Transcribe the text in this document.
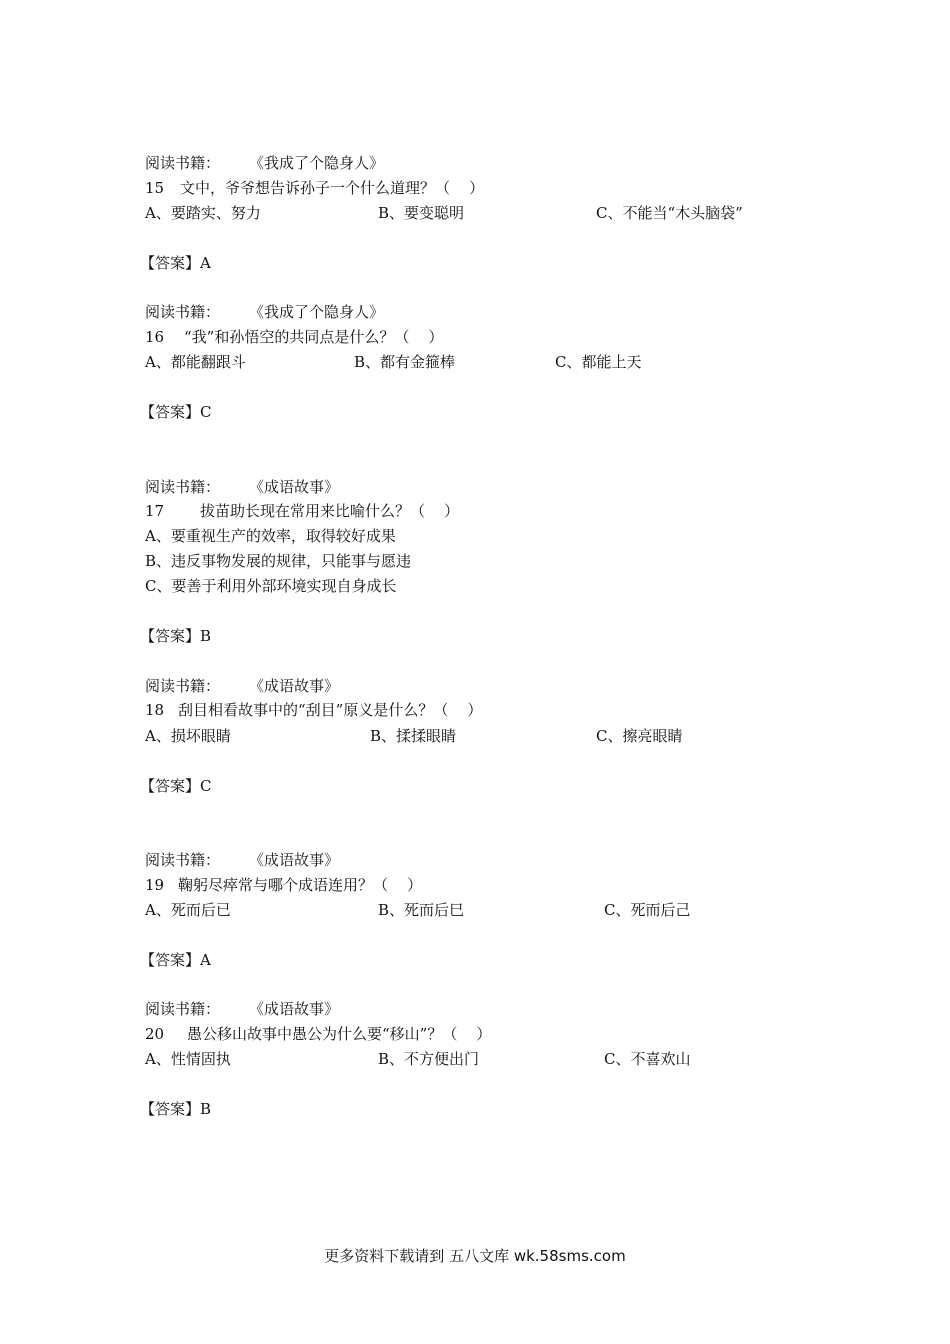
阅读书籍： 《我成了个隐身人》
15 文中，爷爷想告诉孙子一个什么道理？（    ）
A、要踏实、努力	B、要变聪明	C、不能当“木头脑袋”
【答案】A
阅读书籍： 《我成了个隐身人》
16 “我”和孙悟空的共同点是什么？（    ）
A、都能翻跟斗	B、都有金箍棒	C、都能上天
【答案】C
阅读书籍： 《成语故事》
17 拔苗助长现在常用来比喻什么？（    ）
A、要重视生产的效率，取得较好成果
B、违反事物发展的规律，只能事与愿违
C、要善于利用外部环境实现自身成长
【答案】B
阅读书籍： 《成语故事》
18 刮目相看故事中的“刮目”原义是什么？（    ）
A、损坏眼睛	B、揉揉眼睛	C、擦亮眼睛
【答案】C
阅读书籍： 《成语故事》
19 鞠躬尽瘁常与哪个成语连用？（    ）
A、死而后已	B、死而后巳	C、死而后己
【答案】A
阅读书籍： 《成语故事》
20 愚公移山故事中愚公为什么要“移山”？（    ）
A、性情固执	B、不方便出门	C、不喜欢山
【答案】B
更多资料下载请到 五八文库 wk.58sms.com
